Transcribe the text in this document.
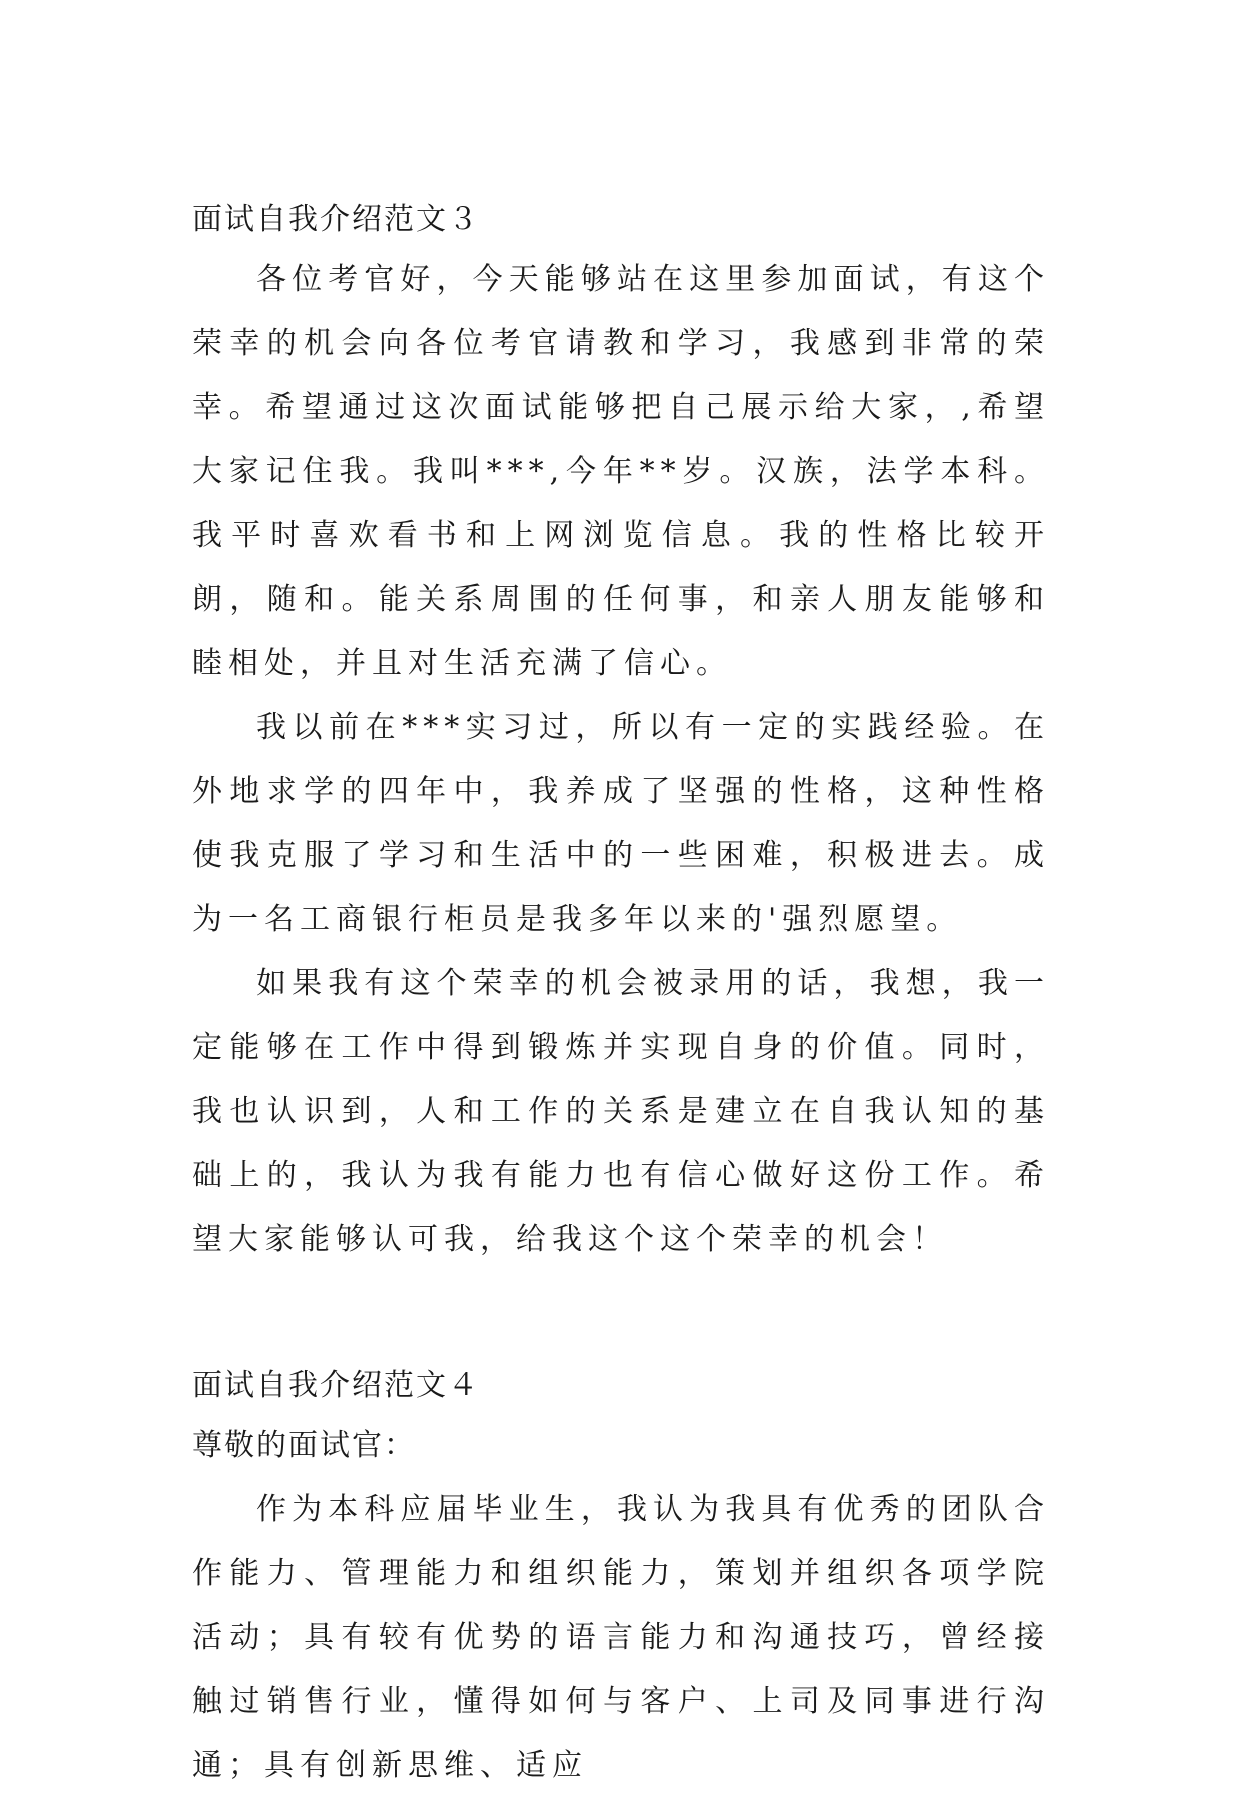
面试自我介绍范文３

各位考官好，今天能够站在这里参加面试，有这个荣幸的机会向各位考官请教和学习，我感到非常的荣幸。希望通过这次面试能够把自己展示给大家，,希望大家记住我。我叫***,今年**岁。汉族，法学本科。我平时喜欢看书和上网浏览信息。我的性格比较开朗，随和。能关系周围的任何事，和亲人朋友能够和睦相处，并且对生活充满了信心。

我以前在***实习过，所以有一定的实践经验。在外地求学的四年中，我养成了坚强的性格，这种性格使我克服了学习和生活中的一些困难，积极进去。成为一名工商银行柜员是我多年以来的'强烈愿望。

如果我有这个荣幸的机会被录用的话，我想，我一定能够在工作中得到锻炼并实现自身的价值。同时，我也认识到，人和工作的关系是建立在自我认知的基础上的，我认为我有能力也有信心做好这份工作。希望大家能够认可我，给我这个这个荣幸的机会！

面试自我介绍范文４

尊敬的面试官：

作为本科应届毕业生，我认为我具有优秀的团队合作能力、管理能力和组织能力，策划并组织各项学院活动；具有较有优势的语言能力和沟通技巧，曾经接触过销售行业，懂得如何与客户、上司及同事进行沟通；具有创新思维、适应
